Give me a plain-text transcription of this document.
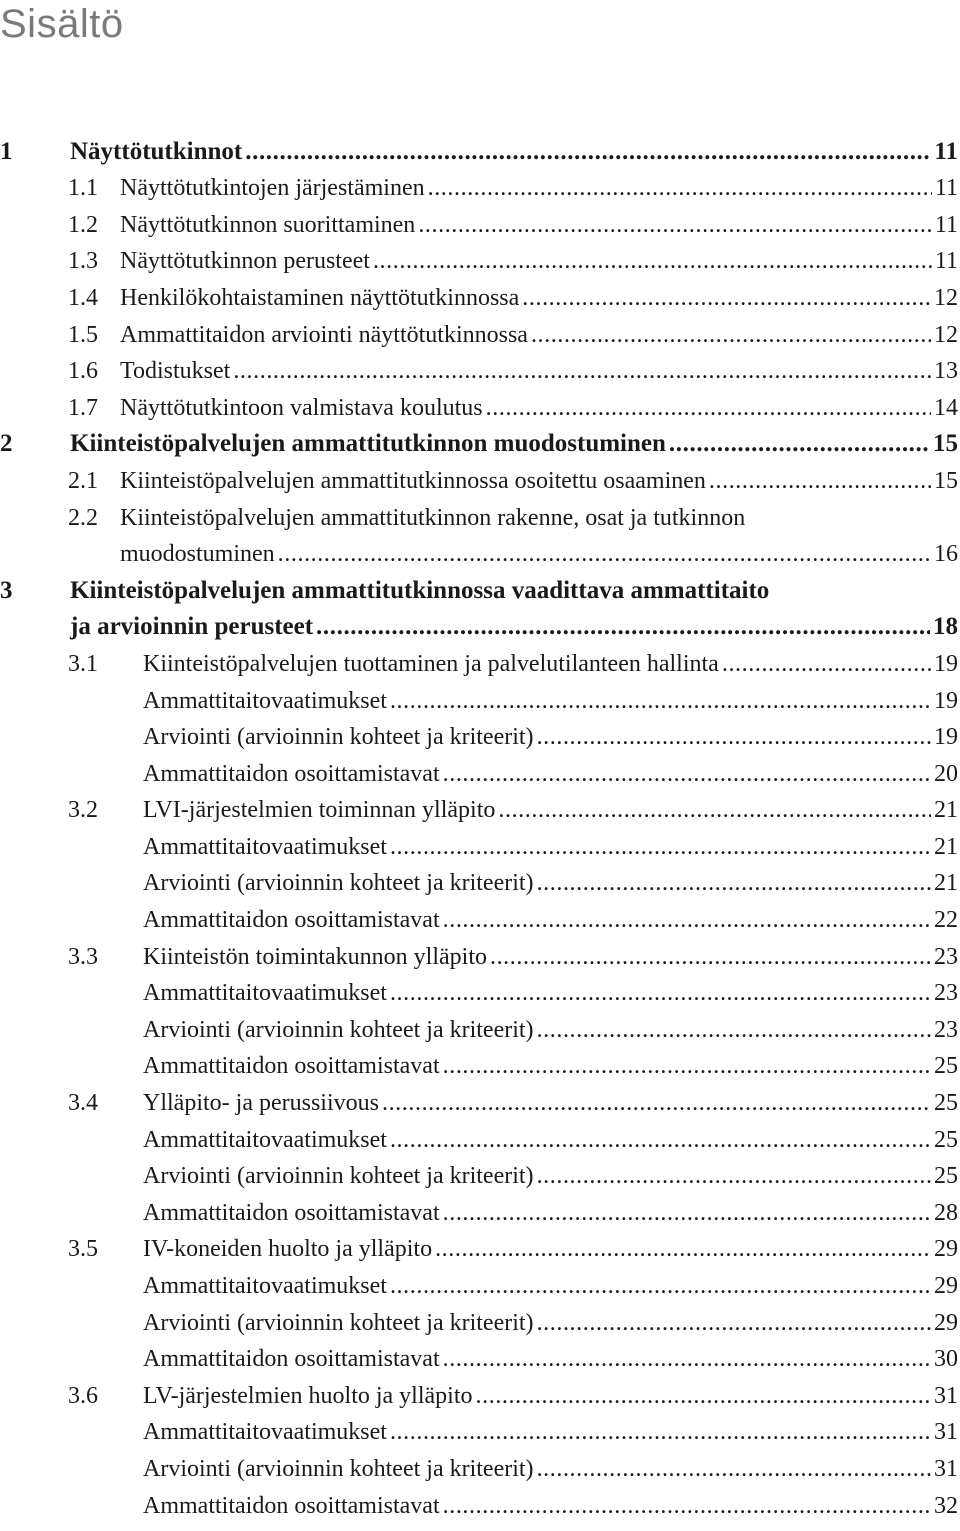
Sisältö
1 Näyttötutkinnot .....	11
1.1 Näyttötutkintojen järjestäminen .....	11
1.2 Näyttötutkinnon suorittaminen .....	11
1.3 Näyttötutkinnon perusteet .....	11
1.4 Henkilökohtaistaminen näyttötutkinnossa .....	12
1.5 Ammattitaidon arviointi näyttötutkinnossa .....	12
1.6 Todistukset .....	13
1.7 Näyttötutkintoon valmistava koulutus .....	14
2 Kiinteistöpalvelujen ammattitutkinnon muodostuminen .....	15
2.1 Kiinteistöpalvelujen ammattitutkinnossa osoitettu osaaminen .....	15
2.2 Kiinteistöpalvelujen ammattitutkinnon rakenne, osat ja tutkinnon
muodostuminen .....	16
3 Kiinteistöpalvelujen ammattitutkinnossa vaadittava ammattitaito
ja arvioinnin perusteet .....	18
3.1 Kiinteistöpalvelujen tuottaminen ja palvelutilanteen hallinta .....	19
Ammattitaitovaatimukset .....	19
Arviointi (arvioinnin kohteet ja kriteerit) .....	19
Ammattitaidon osoittamistavat .....	20
3.2 LVI-järjestelmien toiminnan ylläpito .....	21
Ammattitaitovaatimukset .....	21
Arviointi (arvioinnin kohteet ja kriteerit) .....	21
Ammattitaidon osoittamistavat .....	22
3.3 Kiinteistön toimintakunnon ylläpito .....	23
Ammattitaitovaatimukset .....	23
Arviointi (arvioinnin kohteet ja kriteerit) .....	23
Ammattitaidon osoittamistavat .....	25
3.4 Ylläpito- ja perussiivous .....	25
Ammattitaitovaatimukset .....	25
Arviointi (arvioinnin kohteet ja kriteerit) .....	25
Ammattitaidon osoittamistavat .....	28
3.5 IV-koneiden huolto ja ylläpito .....	29
Ammattitaitovaatimukset .....	29
Arviointi (arvioinnin kohteet ja kriteerit) .....	29
Ammattitaidon osoittamistavat .....	30
3.6 LV-järjestelmien huolto ja ylläpito .....	31
Ammattitaitovaatimukset .....	31
Arviointi (arvioinnin kohteet ja kriteerit) .....	31
Ammattitaidon osoittamistavat .....	32
